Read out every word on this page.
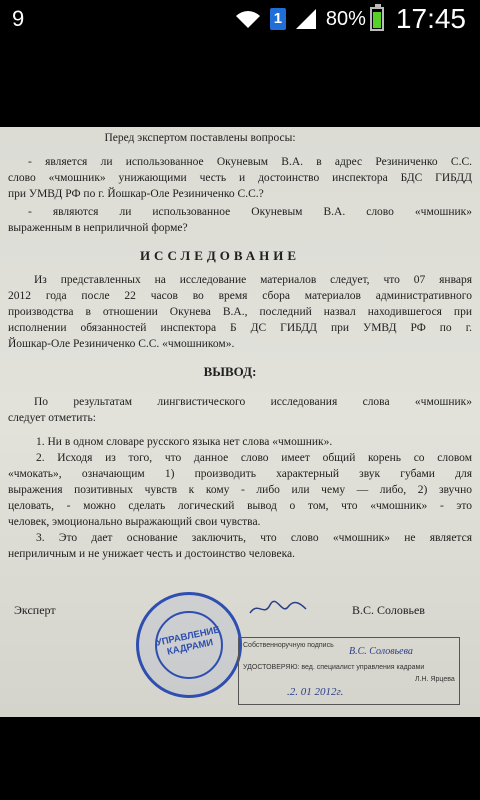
9	1 80% 17:45
Перед экспертом поставлены вопросы:
- является ли использованное Окуневым В.А. в адрес Резиниченко С.С.
слово «чмошник» унижающими честь и достоинство инспектора БДС ГИБДД
при УМВД РФ по г. Йошкар-Оле Резиниченко С.С.?
- являются ли использованное Окуневым В.А. слово «чмошник»
выраженным в неприличной форме?
ИССЛЕДОВАНИЕ
Из представленных на исследование материалов следует, что 07 января
2012 года после 22 часов во время сбора материалов административного
производства в отношении Окунева В.А., последний назвал находившегося при
исполнении обязанностей инспектора Б ДС ГИБДД при УМВД РФ по г.
Йошкар-Оле Резиниченко С.С. «чмошником».
ВЫВОД:
По результатам лингвистического исследования слова «чмошник»
следует отметить:
1. Ни в одном словаре русского языка нет слова «чмошник».
2. Исходя из того, что данное слово имеет общий корень со словом
«чмокать», означающим 1) производить характерный звук губами для
выражения позитивных чувств к кому - либо или чему — либо, 2) звучно
целовать, - можно сделать логический вывод о том, что «чмошник» - это
человек, эмоционально выражающий свои чувства.
3. Это дает основание заключить, что слово «чмошник» не является
неприличным и не унижает честь и достоинство человека.
Эксперт	В.С. Соловьев
УПРАВЛЕНИЕ КАДРАМИ	Собственноручную подпись
В.С. Соловьева
УДОСТОВЕРЯЮ: вед. специалист управления кадрами
Л.Н. Ярцева
.2. 01 2012г.
